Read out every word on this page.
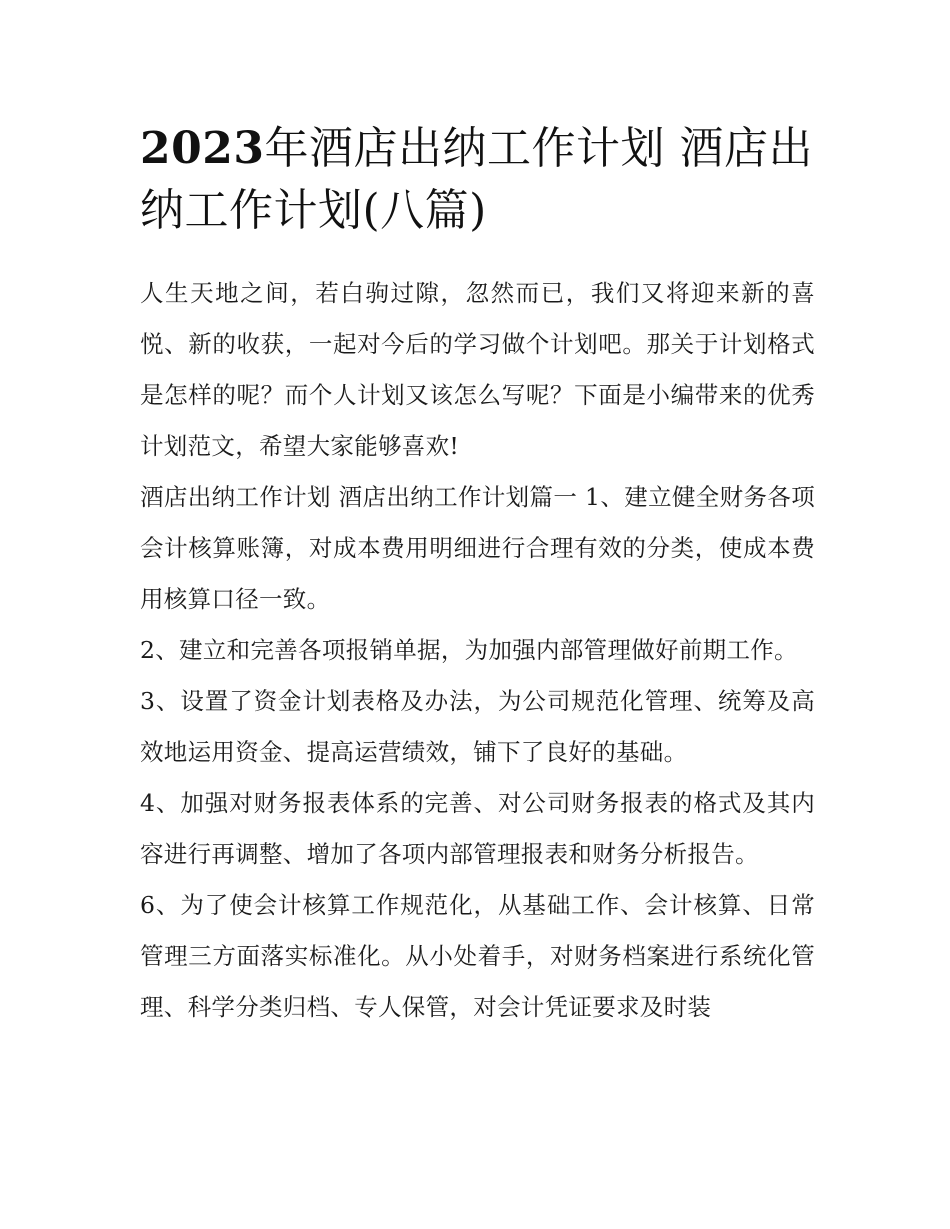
2023年酒店出纳工作计划 酒店出纳工作计划(八篇)

人生天地之间，若白驹过隙，忽然而已，我们又将迎来新的喜悦、新的收获，一起对今后的学习做个计划吧。那关于计划格式是怎样的呢？而个人计划又该怎么写呢？下面是小编带来的优秀计划范文，希望大家能够喜欢!

酒店出纳工作计划 酒店出纳工作计划篇一 1、建立健全财务各项会计核算账簿，对成本费用明细进行合理有效的分类，使成本费用核算口径一致。

2、建立和完善各项报销单据，为加强内部管理做好前期工作。

3、设置了资金计划表格及办法，为公司规范化管理、统筹及高效地运用资金、提高运营绩效，铺下了良好的基础。

4、加强对财务报表体系的完善、对公司财务报表的格式及其内容进行再调整、增加了各项内部管理报表和财务分析报告。

6、为了使会计核算工作规范化，从基础工作、会计核算、日常管理三方面落实标准化。从小处着手，对财务档案进行系统化管理、科学分类归档、专人保管，对会计凭证要求及时装
